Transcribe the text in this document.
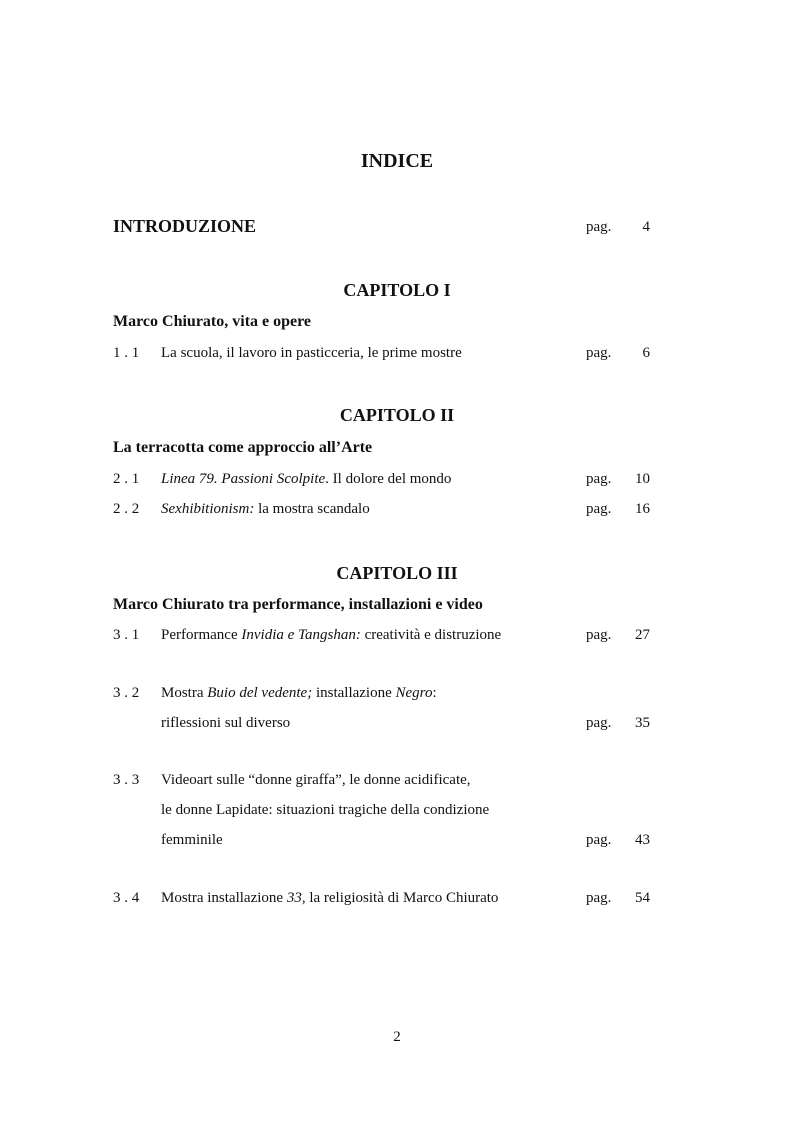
INDICE
INTRODUZIONE	pag.	4
CAPITOLO I
Marco Chiurato, vita e opere
1 . 1 La scuola, il lavoro in pasticceria, le prime mostre	pag.	6
CAPITOLO II
La terracotta come approccio all’Arte
2 . 1 Linea 79. Passioni Scolpite. Il dolore del mondo	pag.	10
2 . 2 Sexhibitionism: la mostra scandalo	pag.	16
CAPITOLO III
Marco Chiurato tra performance, installazioni e video
3 . 1 Performance Invidia e Tangshan: creatività e distruzione	pag.	27
3 . 2 Mostra Buio del vedente; installazione Negro:
riflessioni sul diverso	pag.	35
3 . 3 Videoart sulle “donne giraffa”, le donne acidificate,
le donne Lapidate: situazioni tragiche della condizione
femminile	pag.	43
3 . 4 Mostra installazione 33, la religiosità di Marco Chiurato	pag.	54
2
